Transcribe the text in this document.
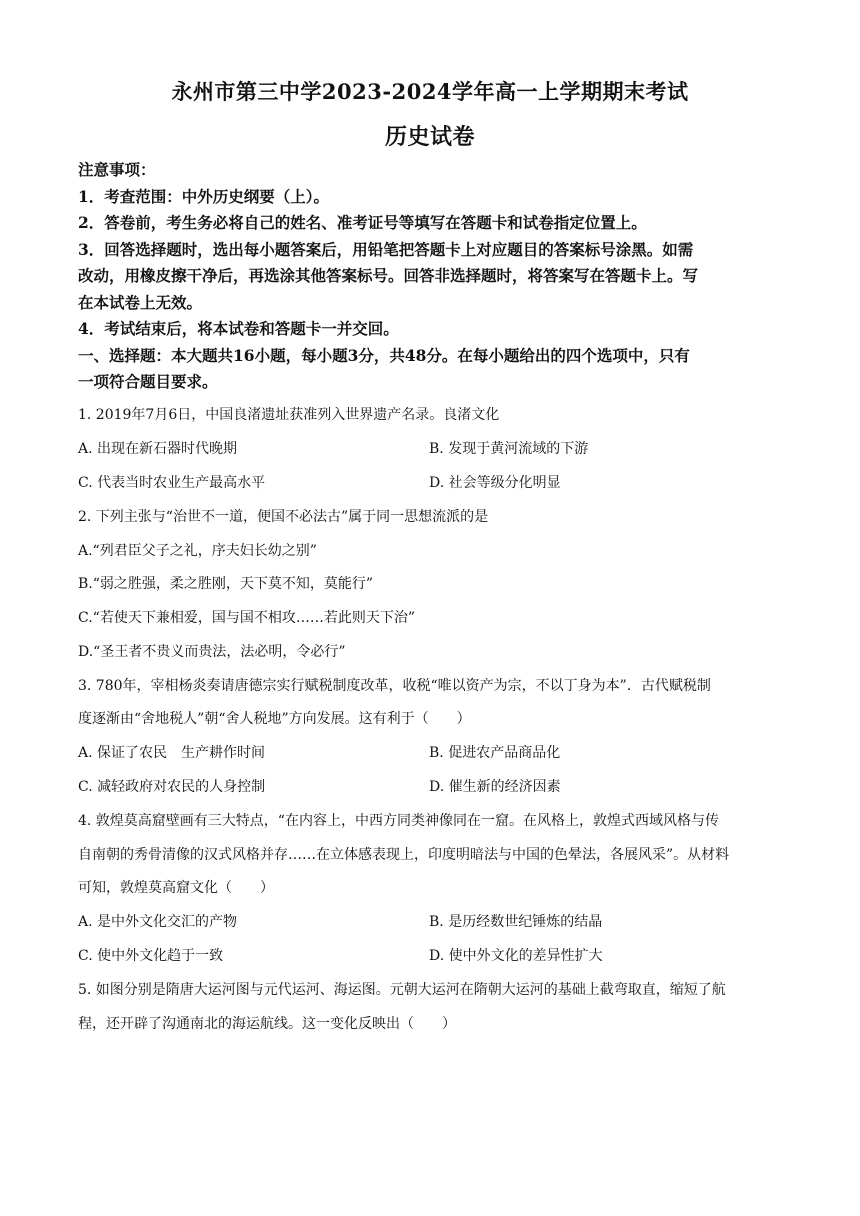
永州市第三中学2023-2024学年高一上学期期末考试
历史试卷
注意事项：
1．考查范围：中外历史纲要（上）。
2．答卷前，考生务必将自己的姓名、准考证号等填写在答题卡和试卷指定位置上。
3．回答选择题时，选出每小题答案后，用铅笔把答题卡上对应题目的答案标号涂黑。如需
改动，用橡皮擦干净后，再选涂其他答案标号。回答非选择题时，将答案写在答题卡上。写
在本试卷上无效。
4．考试结束后，将本试卷和答题卡一并交回。
一、选择题：本大题共16小题，每小题3分，共48分。在每小题给出的四个选项中，只有
一项符合题目要求。
1. 2019年7月6日，中国良渚遗址获准列入世界遗产名录。良渚文化
A. 出现在新石器时代晚期	B. 发现于黄河流域的下游
C. 代表当时农业生产最高水平	D. 社会等级分化明显
2. 下列主张与“治世不一道，便国不必法古”属于同一思想流派的是
A.“列君臣父子之礼，序夫妇长幼之别”
B.“弱之胜强，柔之胜刚，天下莫不知，莫能行”
C.“若使天下兼相爱，国与国不相攻……若此则天下治”
D.“圣王者不贵义而贵法，法必明，令必行”
3. 780年，宰相杨炎奏请唐德宗实行赋税制度改革，收税“唯以资产为宗，不以丁身为本”．古代赋税制
度逐渐由“舍地税人”朝“舍人税地”方向发展。这有利于（　　）
A. 保证了农民　生产耕作时间	B. 促进农产品商品化
C. 减轻政府对农民的人身控制	D. 催生新的经济因素
4. 敦煌莫高窟壁画有三大特点，“在内容上，中西方同类神像同在一窟。在风格上，敦煌式西域风格与传
自南朝的秀骨清像的汉式风格并存……在立体感表现上，印度明暗法与中国的色晕法，各展风采”。从材料
可知，敦煌莫高窟文化（　　）
A. 是中外文化交汇的产物	B. 是历经数世纪锤炼的结晶
C. 使中外文化趋于一致	D. 使中外文化的差异性扩大
5. 如图分别是隋唐大运河图与元代运河、海运图。元朝大运河在隋朝大运河的基础上截弯取直，缩短了航
程，还开辟了沟通南北的海运航线。这一变化反映出（　　）
